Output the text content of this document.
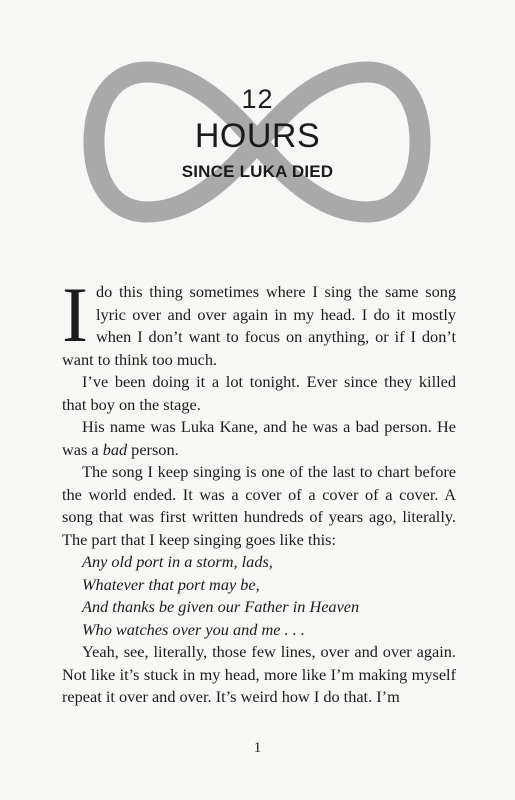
12
HOURS
SINCE LUKA DIED

Ido this thing sometimes where I sing the same song lyric over and over again in my head. I do it mostly when I don’t want to focus on anything, or if I don’t want to think too much.

I’ve been doing it a lot tonight. Ever since they killed that boy on the stage.

His name was Luka Kane, and he was a bad person. He was a bad person.

The song I keep singing is one of the last to chart before the world ended. It was a cover of a cover of a cover. A song that was first written hundreds of years ago, literally. The part that I keep singing goes like this:

Any old port in a storm, lads,

Whatever that port may be,

And thanks be given our Father in Heaven

Who watches over you and me . . .

Yeah, see, literally, those few lines, over and over again. Not like it’s stuck in my head, more like I’m making myself repeat it over and over. It’s weird how I do that. I’m

1
